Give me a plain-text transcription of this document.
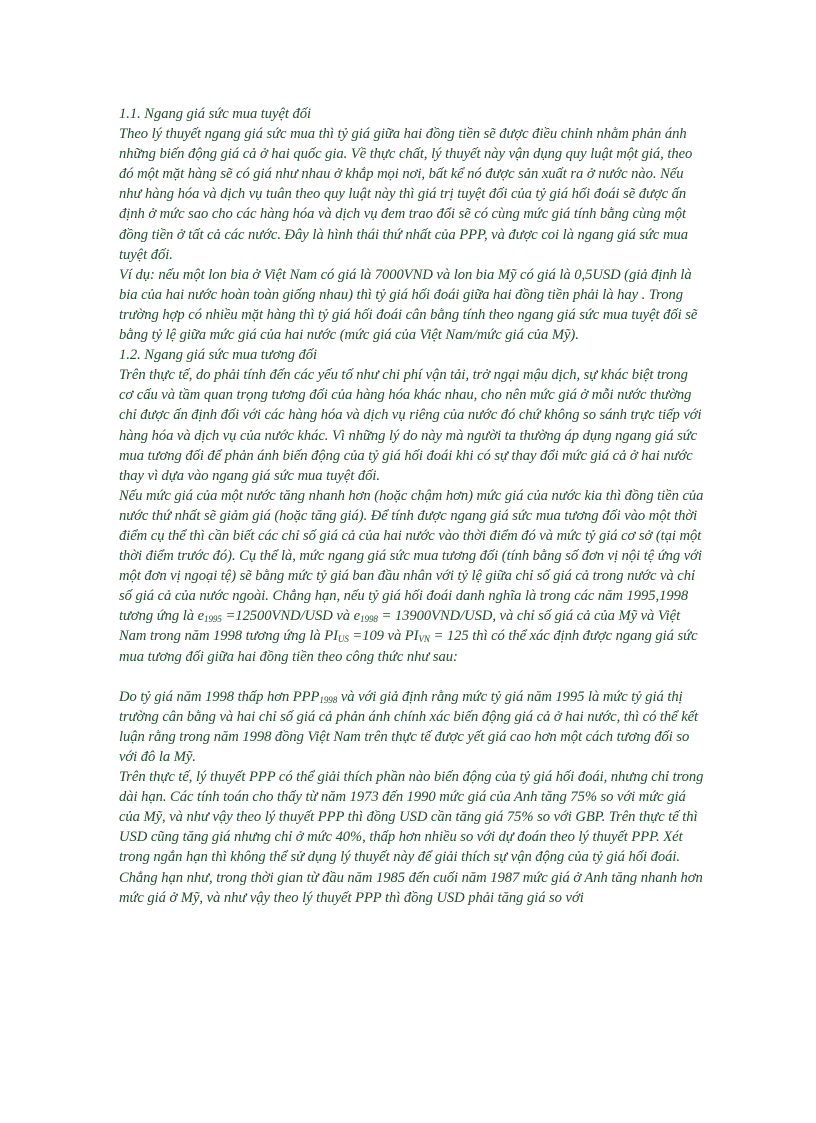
1.1. Ngang giá sức mua tuyệt đối

Theo lý thuyết ngang giá sức mua thì tỷ giá giữa hai đồng tiền sẽ được điều chỉnh nhằm phản ánh những biến động giá cả ở hai quốc gia. Về thực chất, lý thuyết này vận dụng quy luật một giá, theo đó một mặt hàng sẽ có giá như nhau ở khắp mọi nơi, bất kể nó được sản xuất ra ở nước nào. Nếu như hàng hóa và dịch vụ tuân theo quy luật này thì giá trị tuyệt đối của tỷ giá hối đoái sẽ được ấn định ở mức sao cho các hàng hóa và dịch vụ đem trao đổi sẽ có cùng mức giá tính bằng cùng một đồng tiền ở tất cả các nước. Đây là hình thái thứ nhất của PPP, và được coi là ngang giá sức mua tuyệt đối.

Ví dụ: nếu một lon bia ở Việt Nam có giá là 7000VND và lon bia Mỹ có giá là 0,5USD (giả định là bia của hai nước hoàn toàn giống nhau) thì tỷ giá hối đoái giữa hai đồng tiền phải là hay . Trong trường hợp có nhiều mặt hàng thì tỷ giá hối đoái cân bằng tính theo ngang giá sức mua tuyệt đối sẽ bằng tỷ lệ giữa mức giá của hai nước (mức giá của Việt Nam/mức giá của Mỹ).

1.2. Ngang giá sức mua tương đối

Trên thực tế, do phải tính đến các yếu tố như chi phí vận tải, trở ngại mậu dịch, sự khác biệt trong cơ cấu và tầm quan trọng tương đối của hàng hóa khác nhau, cho nên mức giá ở mỗi nước thường chỉ được ấn định đối với các hàng hóa và dịch vụ riêng của nước đó chứ không so sánh trực tiếp với hàng hóa và dịch vụ của nước khác. Vì những lý do này mà người ta thường áp dụng ngang giá sức mua tương đối để phản ánh biến động của tỷ giá hối đoái khi có sự thay đổi mức giá cả ở hai nước thay vì dựa vào ngang giá sức mua tuyệt đối.

Nếu mức giá của một nước tăng nhanh hơn (hoặc chậm hơn) mức giá của nước kia thì đồng tiền của nước thứ nhất sẽ giảm giá (hoặc tăng giá). Để tính được ngang giá sức mua tương đối vào một thời điểm cụ thể thì cần biết các chỉ số giá cả của hai nước vào thời điểm đó và mức tỷ giá cơ sở (tại một thời điểm trước đó). Cụ thể là, mức ngang giá sức mua tương đối (tính bằng số đơn vị nội tệ ứng với một đơn vị ngoại tệ) sẽ bằng mức tỷ giá ban đầu nhân với tỷ lệ giữa chỉ số giá cả trong nước và chỉ số giá cả của nước ngoài. Chẳng hạn, nếu tỷ giá hối đoái danh nghĩa là trong các năm 1995,1998 tương ứng là $e_{1995} =12500VND/USD$ và $e_{1998} = 13900VND/USD$, và chỉ số giá cả của Mỹ và Việt Nam trong năm 1998 tương ứng là $PI_{US} =109$ và $PI_{VN} = 125$ thì có thể xác định được ngang giá sức mua tương đối giữa hai đồng tiền theo công thức như sau:

Do tỷ giá năm 1998 thấp hơn $PPP_{1998}$ và với giả định rằng mức tỷ giá năm 1995 là mức tỷ giá thị trường cân bằng và hai chỉ số giá cả phản ánh chính xác biến động giá cả ở hai nước, thì có thể kết luận rằng trong năm 1998 đồng Việt Nam trên thực tế được yết giá cao hơn một cách tương đối so với đô la Mỹ.

Trên thực tế, lý thuyết PPP có thể giải thích phần nào biến động của tỷ giá hối đoái, nhưng chỉ trong dài hạn. Các tính toán cho thấy từ năm 1973 đến 1990 mức giá của Anh tăng 75% so với mức giá của Mỹ, và như vậy theo lý thuyết PPP thì đồng USD cần tăng giá 75% so với GBP. Trên thực tế thì USD cũng tăng giá nhưng chỉ ở mức 40%, thấp hơn nhiều so với dự đoán theo lý thuyết PPP. Xét trong ngắn hạn thì không thể sử dụng lý thuyết này để giải thích sự vận động của tỷ giá hối đoái. Chẳng hạn như, trong thời gian từ đầu năm 1985 đến cuối năm 1987 mức giá ở Anh tăng nhanh hơn mức giá ở Mỹ, và như vậy theo lý thuyết PPP thì đồng USD phải tăng giá so với
